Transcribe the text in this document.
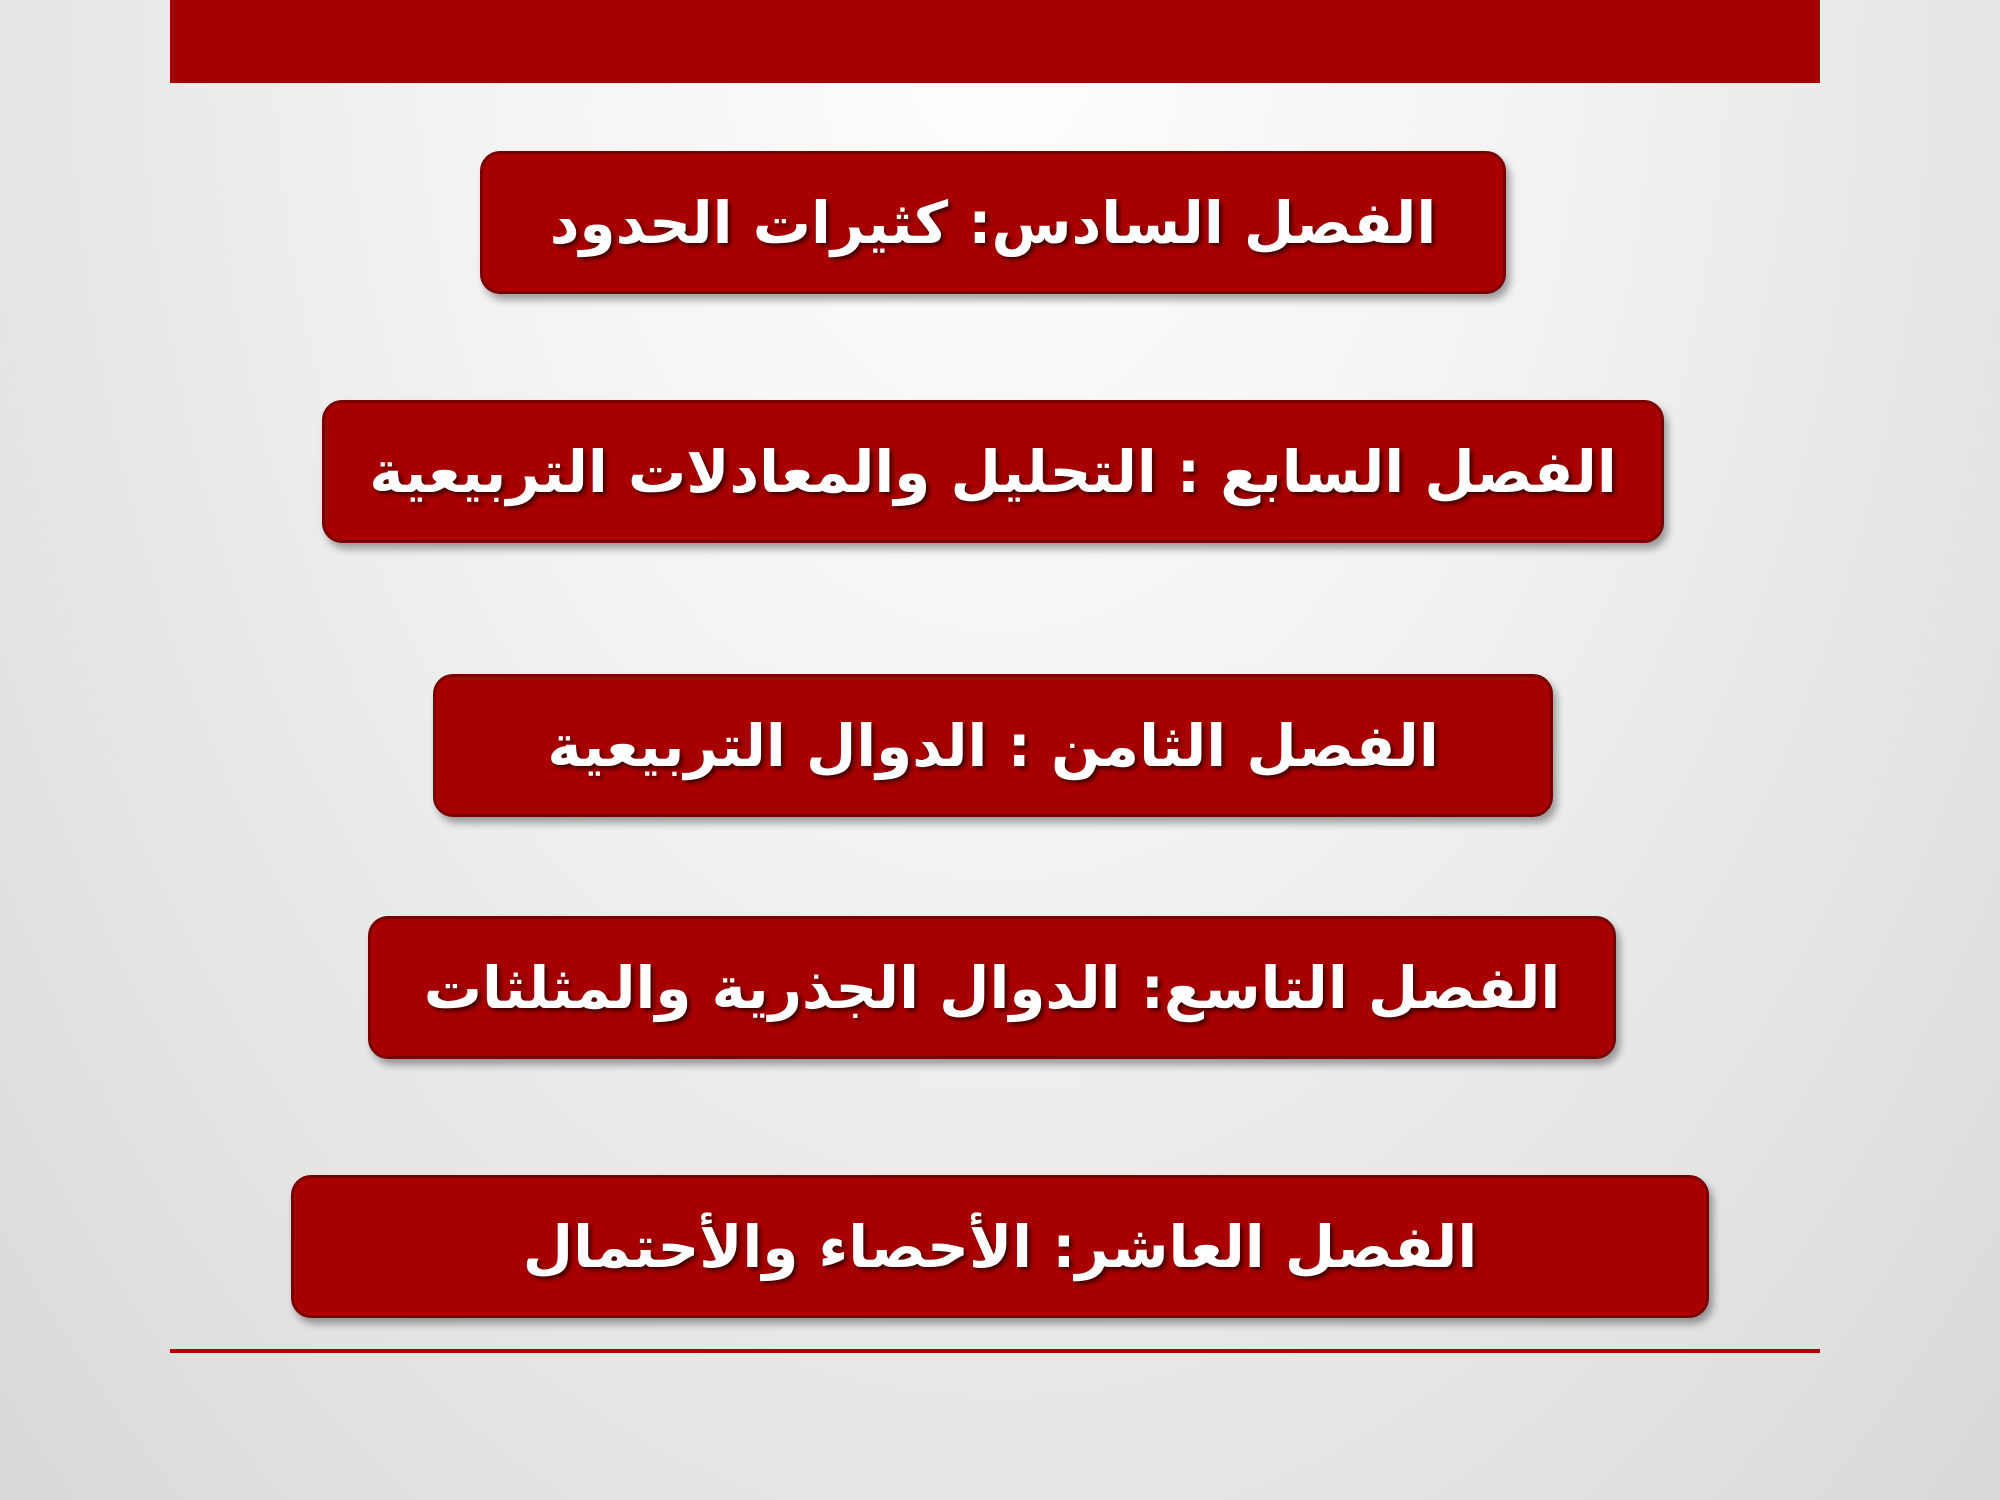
الفصل السادس: كثيرات الحدود
الفصل السابع : التحليل والمعادلات التربيعية
الفصل الثامن : الدوال التربيعية
الفصل التاسع: الدوال الجذرية والمثلثات
الفصل العاشر: الأحصاء والأحتمال
